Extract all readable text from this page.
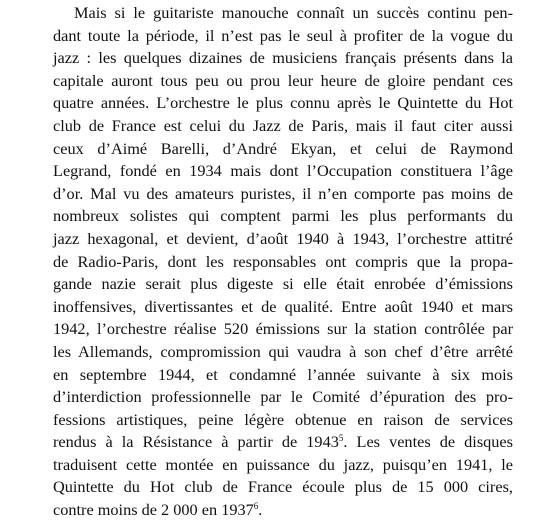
Mais si le guitariste manouche connaît un succès continu pen-
dant toute la période, il n’est pas le seul à profiter de la vogue du
jazz : les quelques dizaines de musiciens français présents dans la
capitale auront tous peu ou prou leur heure de gloire pendant ces
quatre années. L’orchestre le plus connu après le Quintette du Hot
club de France est celui du Jazz de Paris, mais il faut citer aussi
ceux d’Aimé Barelli, d’André Ekyan, et celui de Raymond
Legrand, fondé en 1934 mais dont l’Occupation constituera l’âge
d’or. Mal vu des amateurs puristes, il n’en comporte pas moins de
nombreux solistes qui comptent parmi les plus performants du
jazz hexagonal, et devient, d’août 1940 à 1943, l’orchestre attitré
de Radio-Paris, dont les responsables ont compris que la propa-
gande nazie serait plus digeste si elle était enrobée d’émissions
inoffensives, divertissantes et de qualité. Entre août 1940 et mars
1942, l’orchestre réalise 520 émissions sur la station contrôlée par
les Allemands, compromission qui vaudra à son chef d’être arrêté
en septembre 1944, et condamné l’année suivante à six mois
d’interdiction professionnelle par le Comité d’épuration des pro-
fessions artistiques, peine légère obtenue en raison de services
rendus à la Résistance à partir de 1943$^5$. Les ventes de disques
traduisent cette montée en puissance du jazz, puisqu’en 1941, le
Quintette du Hot club de France écoule plus de 15 000 cires,
contre moins de 2 000 en 1937$^6$.
